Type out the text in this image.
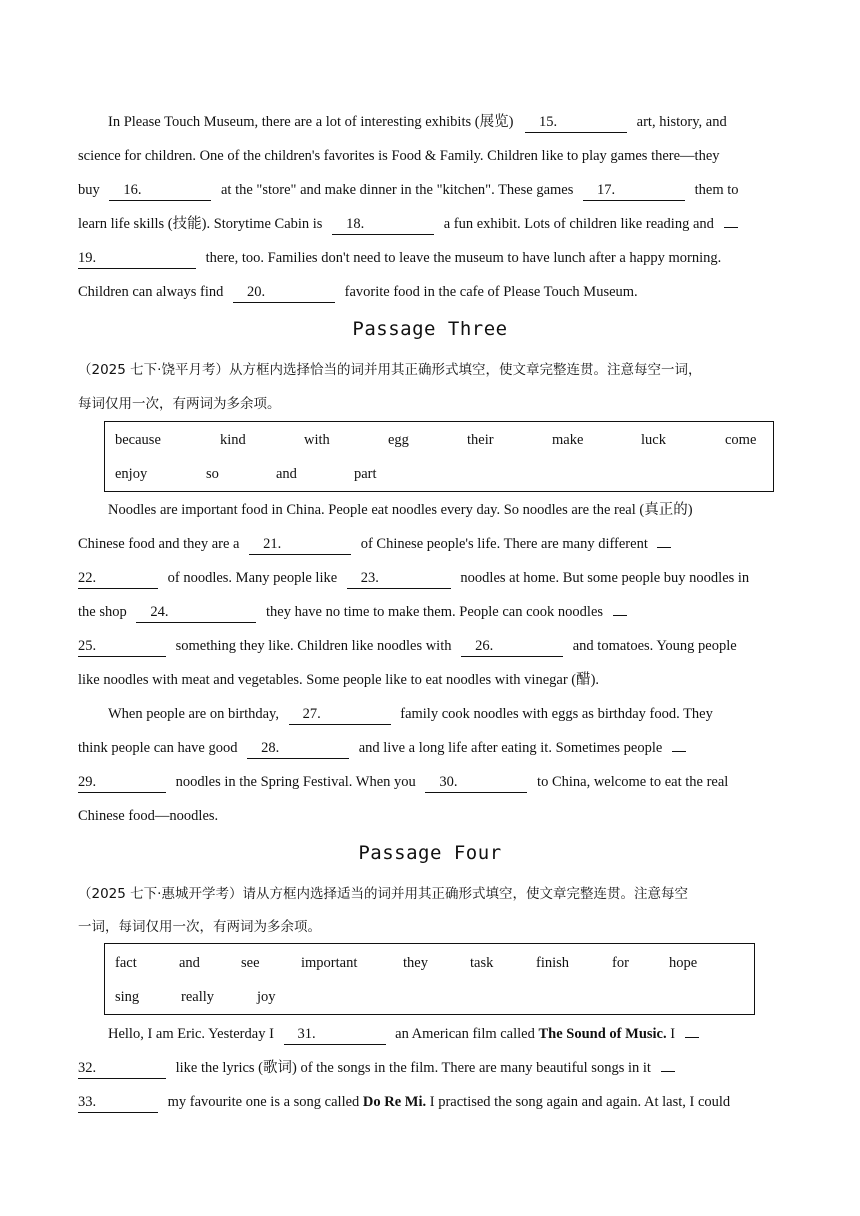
In Please Touch Museum, there are a lot of interesting exhibits (展览) 15.	art, history, and
science for children. One of the children's favorites is Food & Family. Children like to play games there—they
buy 16.	at the "store" and make dinner in the "kitchen". These games 17.	them to
learn life skills (技能). Storytime Cabin is 18.	a fun exhibit. Lots of children like reading and
19.	there, too. Families don't need to leave the museum to have lunch after a happy morning.
Children can always find 20.	favorite food in the cafe of Please Touch Museum.
Passage Three
（2025 七下·饶平月考）从方框内选择恰当的词并用其正确形式填空，使文章完整连贯。注意每空一词，
每词仅用一次，有两词为多余项。
because	kind	with	egg	their	make	luck	come
enjoy	so	and	part
Noodles are important food in China. People eat noodles every day. So noodles are the real (真正的)
Chinese food and they are a 21.	of Chinese people's life. There are many different
22.	of noodles. Many people like 23.	noodles at home. But some people buy noodles in
the shop 24.	they have no time to make them. People can cook noodles
25.	something they like. Children like noodles with 26.	and tomatoes. Young people
like noodles with meat and vegetables. Some people like to eat noodles with vinegar (醋).
When people are on birthday, 27.	family cook noodles with eggs as birthday food. They
think people can have good 28.	and live a long life after eating it. Sometimes people
29.	noodles in the Spring Festival. When you 30.	to China, welcome to eat the real
Chinese food—noodles.
Passage Four
（2025 七下·惠城开学考）请从方框内选择适当的词并用其正确形式填空，使文章完整连贯。注意每空
一词，每词仅用一次，有两词为多余项。
fact	and	see	important	they	task	finish	for	hope
sing	really	joy
Hello, I am Eric. Yesterday I 31.	an American film called The Sound of Music. I
32.	like the lyrics (歌词) of the songs in the film. There are many beautiful songs in it
33.	my favourite one is a song called Do Re Mi. I practised the song again and again. At last, I could
